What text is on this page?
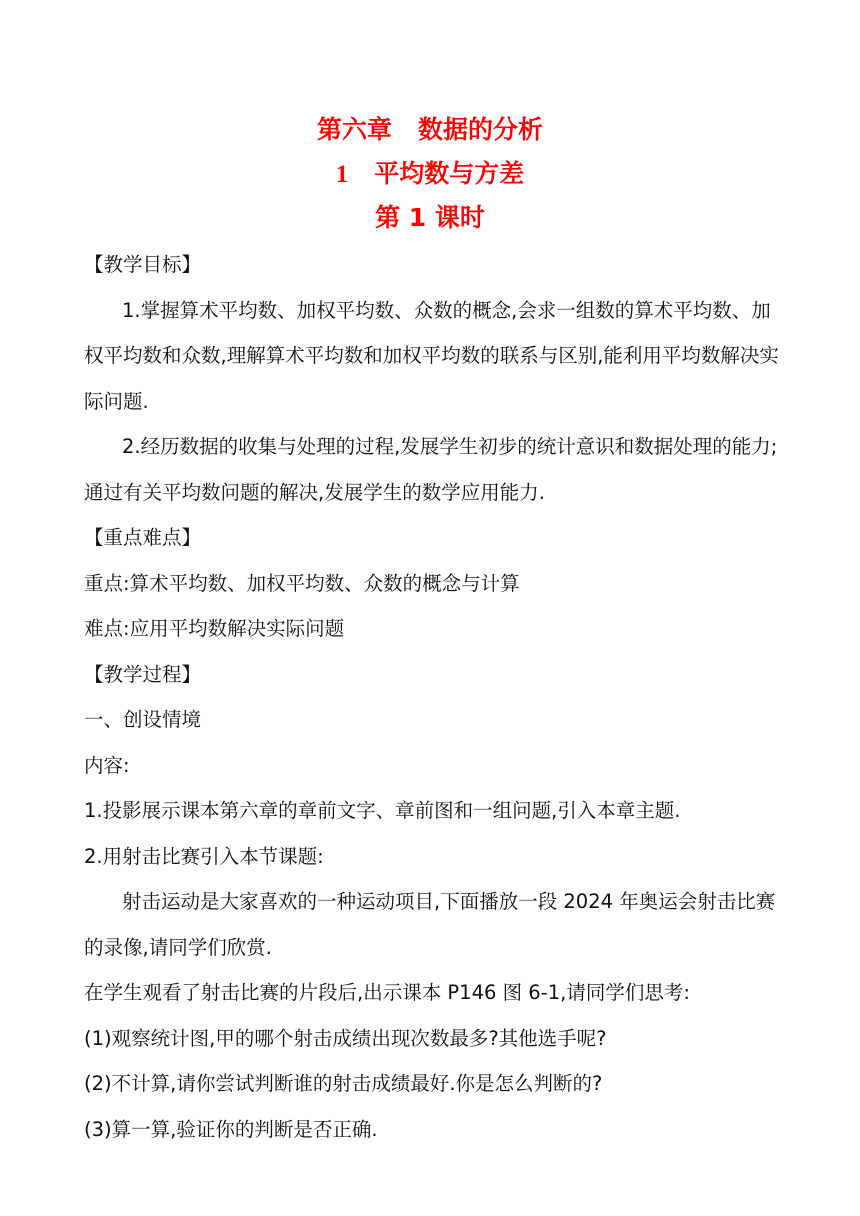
第六章 数据的分析
1 平均数与方差
第 1 课时

【教学目标】

1.掌握算术平均数、加权平均数、众数的概念,会求一组数的算术平均数、加权平均数和众数,理解算术平均数和加权平均数的联系与区别,能利用平均数解决实际问题.

2.经历数据的收集与处理的过程,发展学生初步的统计意识和数据处理的能力;通过有关平均数问题的解决,发展学生的数学应用能力.

【重点难点】

重点:算术平均数、加权平均数、众数的概念与计算

难点:应用平均数解决实际问题

【教学过程】

一、创设情境

内容:

1.投影展示课本第六章的章前文字、章前图和一组问题,引入本章主题.

2.用射击比赛引入本节课题:

射击运动是大家喜欢的一种运动项目,下面播放一段 2024 年奥运会射击比赛的录像,请同学们欣赏.

在学生观看了射击比赛的片段后,出示课本 P146 图 6-1,请同学们思考:

(1)观察统计图,甲的哪个射击成绩出现次数最多?其他选手呢?

(2)不计算,请你尝试判断谁的射击成绩最好.你是怎么判断的?

(3)算一算,验证你的判断是否正确.
